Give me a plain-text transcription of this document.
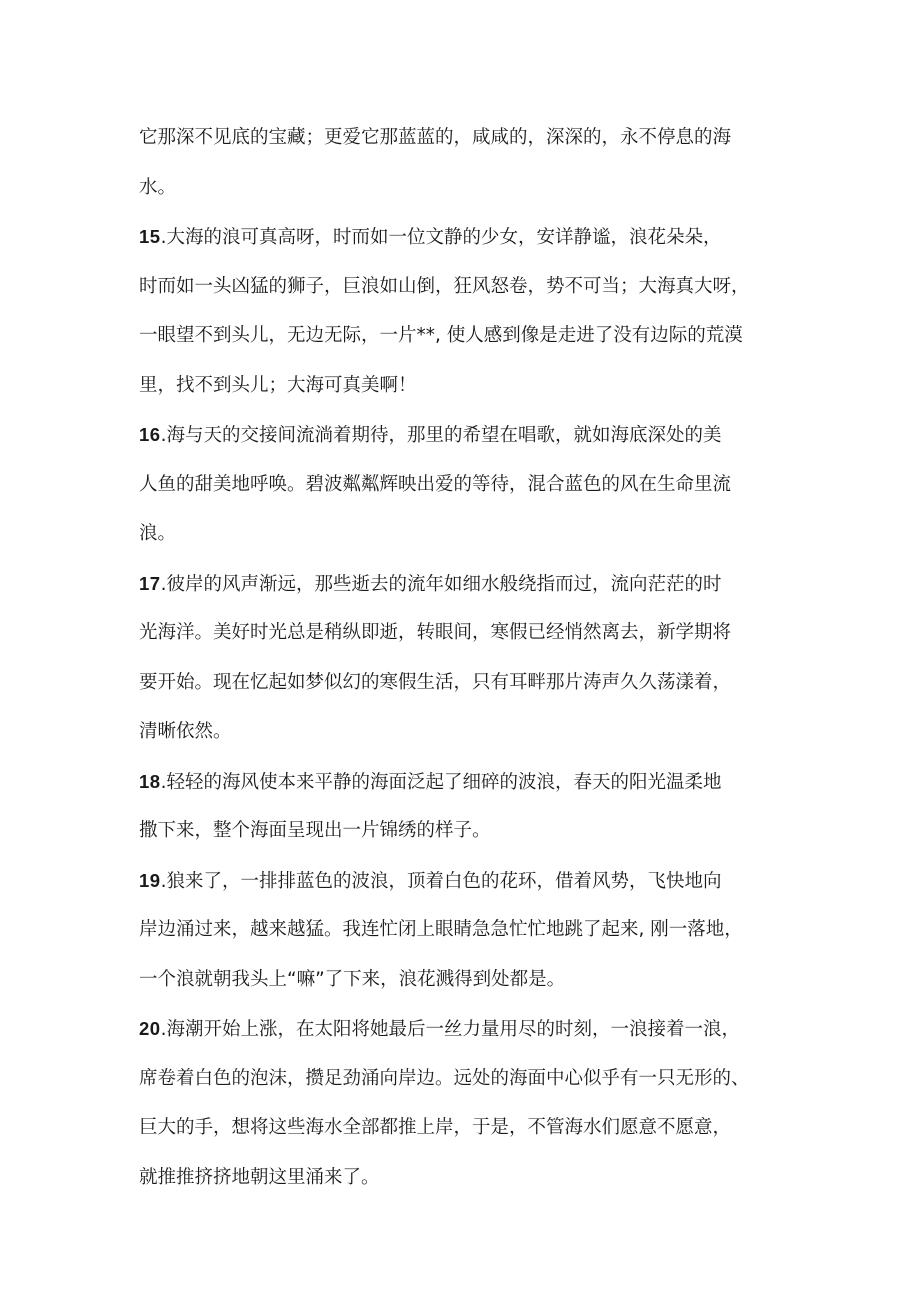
它那深不见底的宝藏；更爱它那蓝蓝的，咸咸的，深深的，永不停息的海
水。
15.大海的浪可真高呀，时而如一位文静的少女，安详静谧，浪花朵朵，
时而如一头凶猛的狮子，巨浪如山倒，狂风怒卷，势不可当；大海真大呀，
一眼望不到头儿，无边无际，一片**, 使人感到像是走进了没有边际的荒漠
里，找不到头儿；大海可真美啊！
16.海与天的交接间流淌着期待，那里的希望在唱歌，就如海底深处的美
人鱼的甜美地呼唤。碧波粼粼辉映出爱的等待，混合蓝色的风在生命里流
浪。
17.彼岸的风声渐远，那些逝去的流年如细水般绕指而过，流向茫茫的时
光海洋。美好时光总是稍纵即逝，转眼间，寒假已经悄然离去，新学期将
要开始。现在忆起如梦似幻的寒假生活，只有耳畔那片涛声久久荡漾着，
清晰依然。
18.轻轻的海风使本来平静的海面泛起了细碎的波浪，春天的阳光温柔地
撒下来，整个海面呈现出一片锦绣的样子。
19.狼来了，一排排蓝色的波浪，顶着白色的花环，借着风势，飞快地向
岸边涌过来，越来越猛。我连忙闭上眼睛急急忙忙地跳了起来, 刚一落地，
一个浪就朝我头上“嘛”了下来，浪花溅得到处都是。
20.海潮开始上涨，在太阳将她最后一丝力量用尽的时刻，一浪接着一浪，
席卷着白色的泡沫，攒足劲涌向岸边。远处的海面中心似乎有一只无形的、
巨大的手，想将这些海水全部都推上岸，于是，不管海水们愿意不愿意，
就推推挤挤地朝这里涌来了。
